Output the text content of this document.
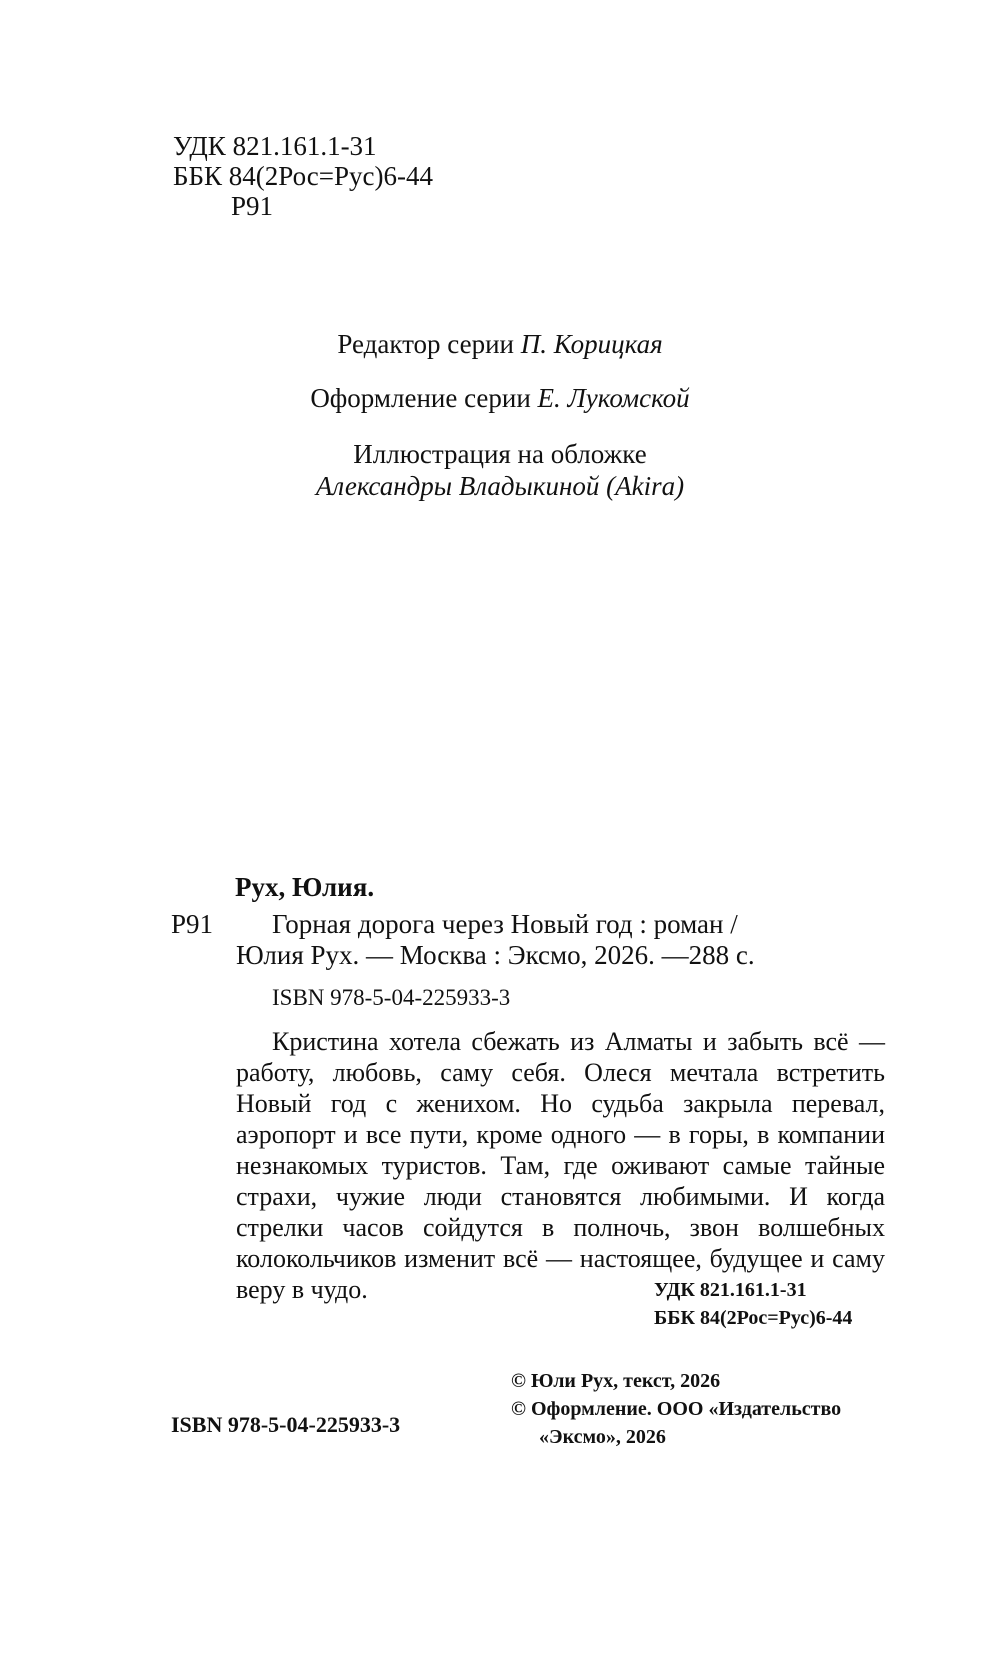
УДК 821.161.1-31
ББК 84(2Рос=Рус)6-44
Р91
Редактор серии П. Корицкая
Оформление серии Е. Лукомской
Иллюстрация на обложке
Александры Владыкиной (Akira)
Рух, Юлия.
Р91 Горная дорога через Новый год : роман /
Юлия Рух. — Москва : Эксмо, 2026. —288 с.
ISBN 978-5-04-225933-3
Кристина хотела сбежать из Алматы и забыть всё — работу, любовь, саму себя. Олеся мечтала встретить Новый год с женихом. Но судьба закрыла перевал, аэропорт и все пути, кроме одного — в горы, в компании незнакомых туристов. Там, где оживают самые тайные страхи, чужие люди становятся любимыми. И когда стрелки часов сойдутся в полночь, звон волшебных колокольчиков изменит всё — настоящее, будущее и саму веру в чудо.	УДК 821.161.1-31
ББК 84(2Рос=Рус)6-44
© Юли Рух, текст, 2026
© Оформление. ООО «Издательство
«Эксмо», 2026
ISBN 978-5-04-225933-3
